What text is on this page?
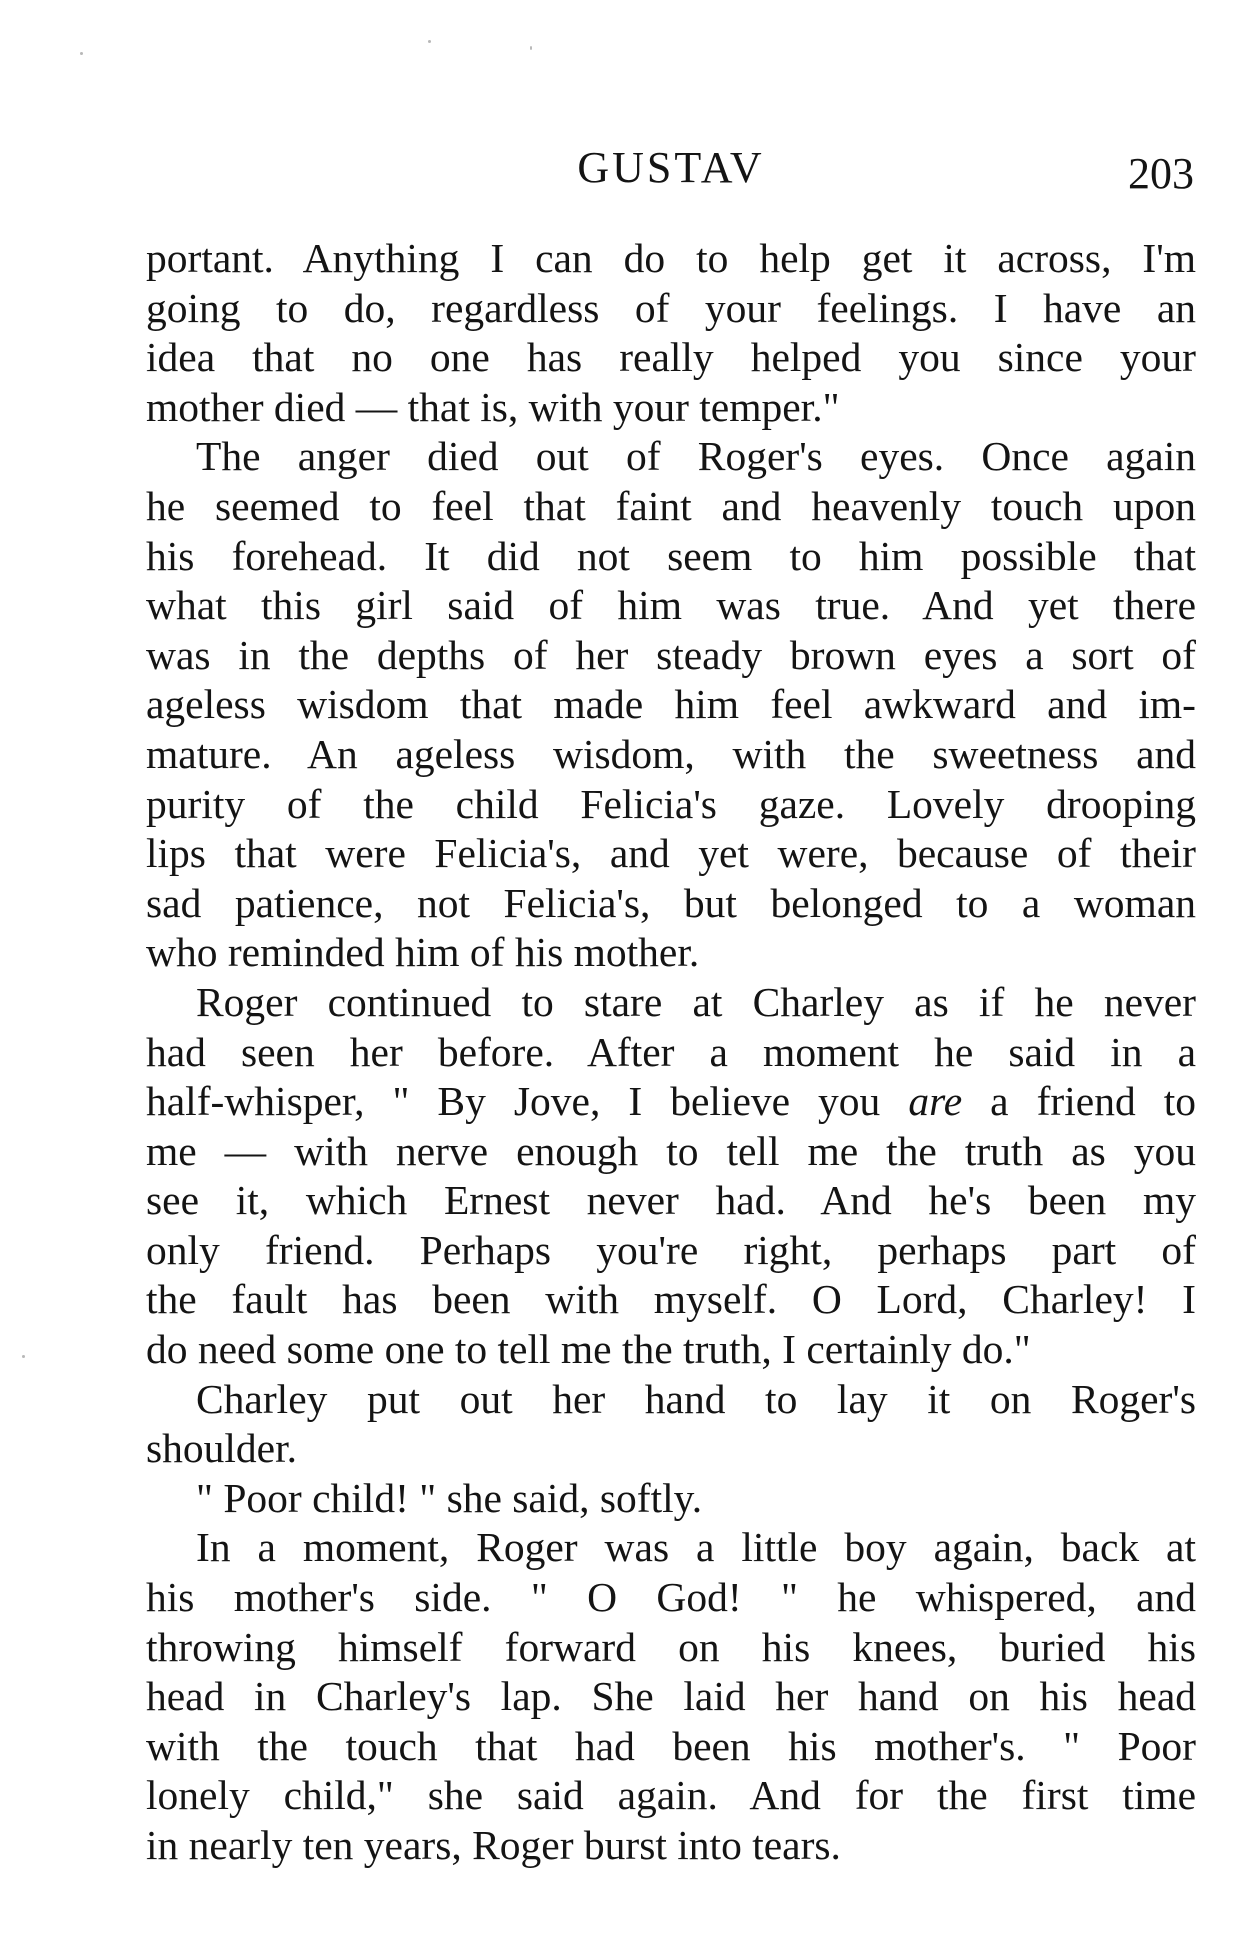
GUSTAV	203

portant. Anything I can do to help get it across, I'm
going to do, regardless of your feelings. I have an
idea that no one has really helped you since your
mother died — that is, with your temper."

The anger died out of Roger's eyes. Once again
he seemed to feel that faint and heavenly touch upon
his forehead. It did not seem to him possible that
what this girl said of him was true. And yet there
was in the depths of her steady brown eyes a sort of
ageless wisdom that made him feel awkward and im-
mature. An ageless wisdom, with the sweetness and
purity of the child Felicia's gaze. Lovely drooping
lips that were Felicia's, and yet were, because of their
sad patience, not Felicia's, but belonged to a woman
who reminded him of his mother.

Roger continued to stare at Charley as if he never
had seen her before. After a moment he said in a
half-whisper, " By Jove, I believe you are a friend to
me — with nerve enough to tell me the truth as you
see it, which Ernest never had. And he's been my
only friend. Perhaps you're right, perhaps part of
the fault has been with myself. O Lord, Charley! I
do need some one to tell me the truth, I certainly do."

Charley put out her hand to lay it on Roger's
shoulder.

" Poor child! " she said, softly.

In a moment, Roger was a little boy again, back at
his mother's side. " O God! " he whispered, and
throwing himself forward on his knees, buried his
head in Charley's lap. She laid her hand on his head
with the touch that had been his mother's. " Poor
lonely child," she said again. And for the first time
in nearly ten years, Roger burst into tears.
